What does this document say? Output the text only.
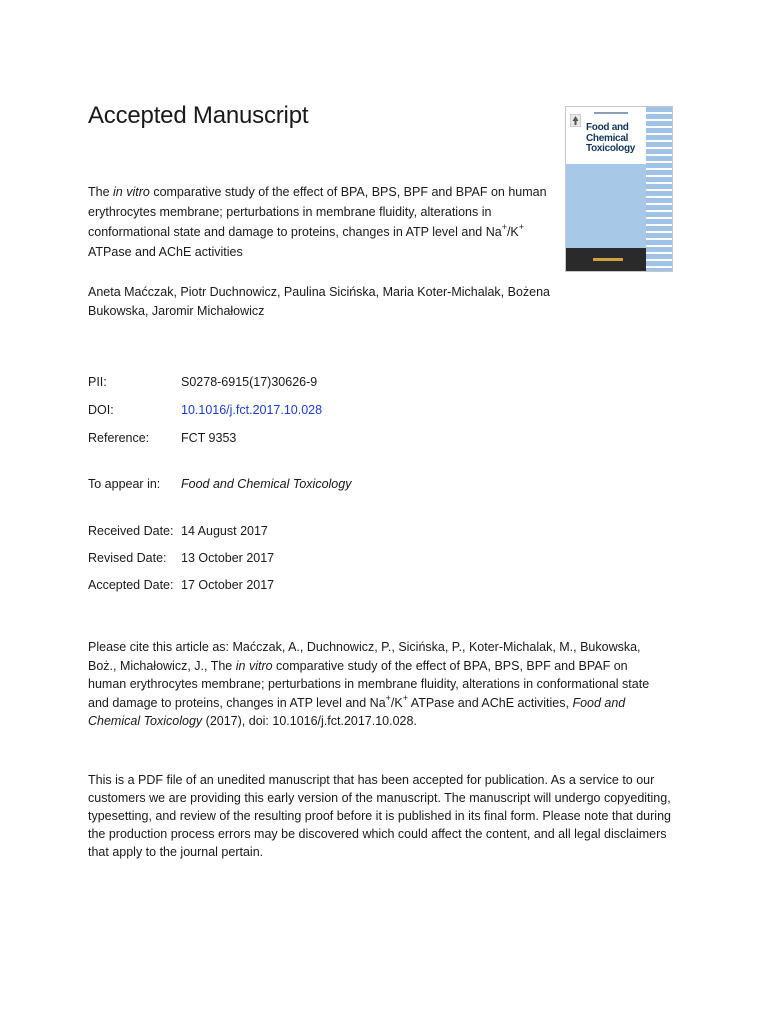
Accepted Manuscript	Food and
Chemical
Toxicology
The in vitro comparative study of the effect of BPA, BPS, BPF and BPAF on human erythrocytes membrane; perturbations in membrane fluidity, alterations in conformational state and damage to proteins, changes in ATP level and Na+/K+ ATPase and AChE activities
Aneta Maćczak, Piotr Duchnowicz, Paulina Sicińska, Maria Koter-Michalak, Bożena Bukowska, Jaromir Michałowicz
PII:	S0278-6915(17)30626-9
DOI:	10.1016/j.fct.2017.10.028
Reference:	FCT 9353
To appear in: Food and Chemical Toxicology
Received Date: 14 August 2017
Revised Date: 13 October 2017
Accepted Date: 17 October 2017
Please cite this article as: Maćczak, A., Duchnowicz, P., Sicińska, P., Koter-Michalak, M., Bukowska, Boż., Michałowicz, J., The in vitro comparative study of the effect of BPA, BPS, BPF and BPAF on human erythrocytes membrane; perturbations in membrane fluidity, alterations in conformational state and damage to proteins, changes in ATP level and Na+/K+ ATPase and AChE activities, Food and Chemical Toxicology (2017), doi: 10.1016/j.fct.2017.10.028.
This is a PDF file of an unedited manuscript that has been accepted for publication. As a service to our customers we are providing this early version of the manuscript. The manuscript will undergo copyediting, typesetting, and review of the resulting proof before it is published in its final form. Please note that during the production process errors may be discovered which could affect the content, and all legal disclaimers that apply to the journal pertain.
